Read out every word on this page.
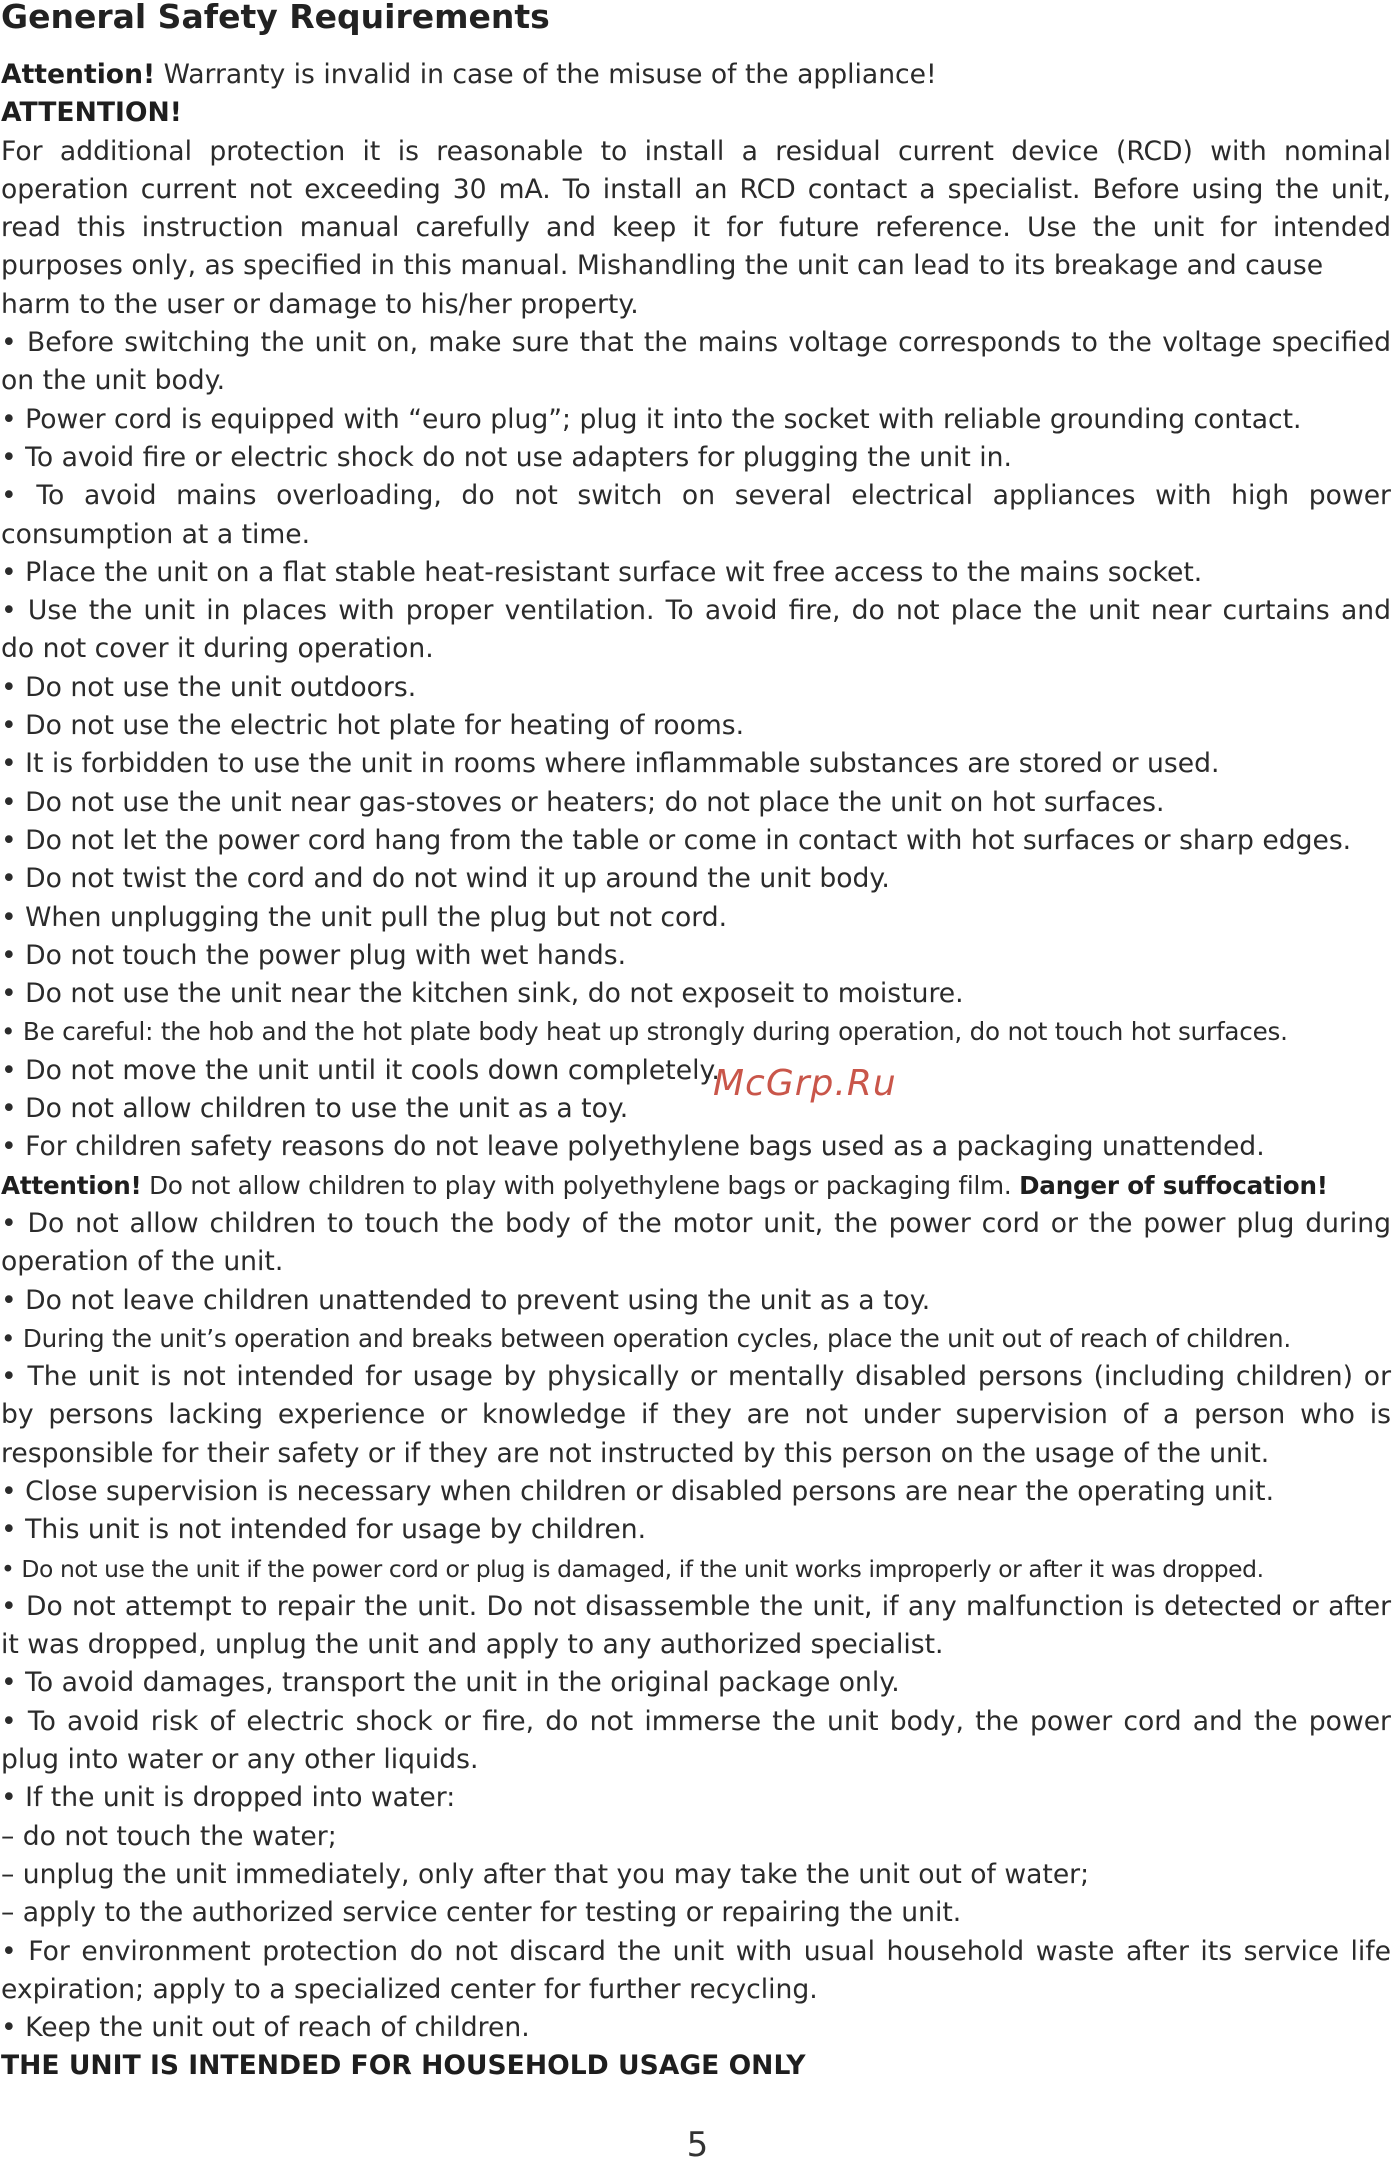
General Safety Requirements

Attention! Warranty is invalid in case of the misuse of the appliance!

ATTENTION!

For additional protection it is reasonable to install a residual current device (RCD) with nominal

operation current not exceeding 30 mA. To install an RCD contact a specialist. Before using the unit,

read this instruction manual carefully and keep it for future reference. Use the unit for intended

purposes only, as specified in this manual. Mishandling the unit can lead to its breakage and cause

harm to the user or damage to his/her property.

• Before switching the unit on, make sure that the mains voltage corresponds to the voltage specified

on the unit body.

• Power cord is equipped with “euro plug”; plug it into the socket with reliable grounding contact.

• To avoid fire or electric shock do not use adapters for plugging the unit in.

• To avoid mains overloading, do not switch on several electrical appliances with high power

consumption at a time.

• Place the unit on a flat stable heat-resistant surface wit free access to the mains socket.

• Use the unit in places with proper ventilation. To avoid fire, do not place the unit near curtains and

do not cover it during operation.

• Do not use the unit outdoors.

• Do not use the electric hot plate for heating of rooms.

• It is forbidden to use the unit in rooms where inflammable substances are stored or used.

• Do not use the unit near gas-stoves or heaters; do not place the unit on hot surfaces.

• Do not let the power cord hang from the table or come in contact with hot surfaces or sharp edges.

• Do not twist the cord and do not wind it up around the unit body.

• When unplugging the unit pull the plug but not cord.

• Do not touch the power plug with wet hands.

• Do not use the unit near the kitchen sink, do not exposeit to moisture.

• Be careful: the hob and the hot plate body heat up strongly during operation, do not touch hot surfaces.

• Do not move the unit until it cools down completely.

• Do not allow children to use the unit as a toy.

• For children safety reasons do not leave polyethylene bags used as a packaging unattended.

Attention! Do not allow children to play with polyethylene bags or packaging film. Danger of suffocation!

• Do not allow children to touch the body of the motor unit, the power cord or the power plug during

operation of the unit.

• Do not leave children unattended to prevent using the unit as a toy.

• During the unit’s operation and breaks between operation cycles, place the unit out of reach of children.

• The unit is not intended for usage by physically or mentally disabled persons (including children) or

by persons lacking experience or knowledge if they are not under supervision of a person who is

responsible for their safety or if they are not instructed by this person on the usage of the unit.

• Close supervision is necessary when children or disabled persons are near the operating unit.

• This unit is not intended for usage by children.

• Do not use the unit if the power cord or plug is damaged, if the unit works improperly or after it was dropped.

• Do not attempt to repair the unit. Do not disassemble the unit, if any malfunction is detected or after

it was dropped, unplug the unit and apply to any authorized specialist.

• To avoid damages, transport the unit in the original package only.

• To avoid risk of electric shock or fire, do not immerse the unit body, the power cord and the power

plug into water or any other liquids.

• If the unit is dropped into water:

– do not touch the water;

– unplug the unit immediately, only after that you may take the unit out of water;

– apply to the authorized service center for testing or repairing the unit.

• For environment protection do not discard the unit with usual household waste after its service life

expiration; apply to a specialized center for further recycling.

• Keep the unit out of reach of children.

THE UNIT IS INTENDED FOR HOUSEHOLD USAGE ONLY

McGrp.Ru
5
